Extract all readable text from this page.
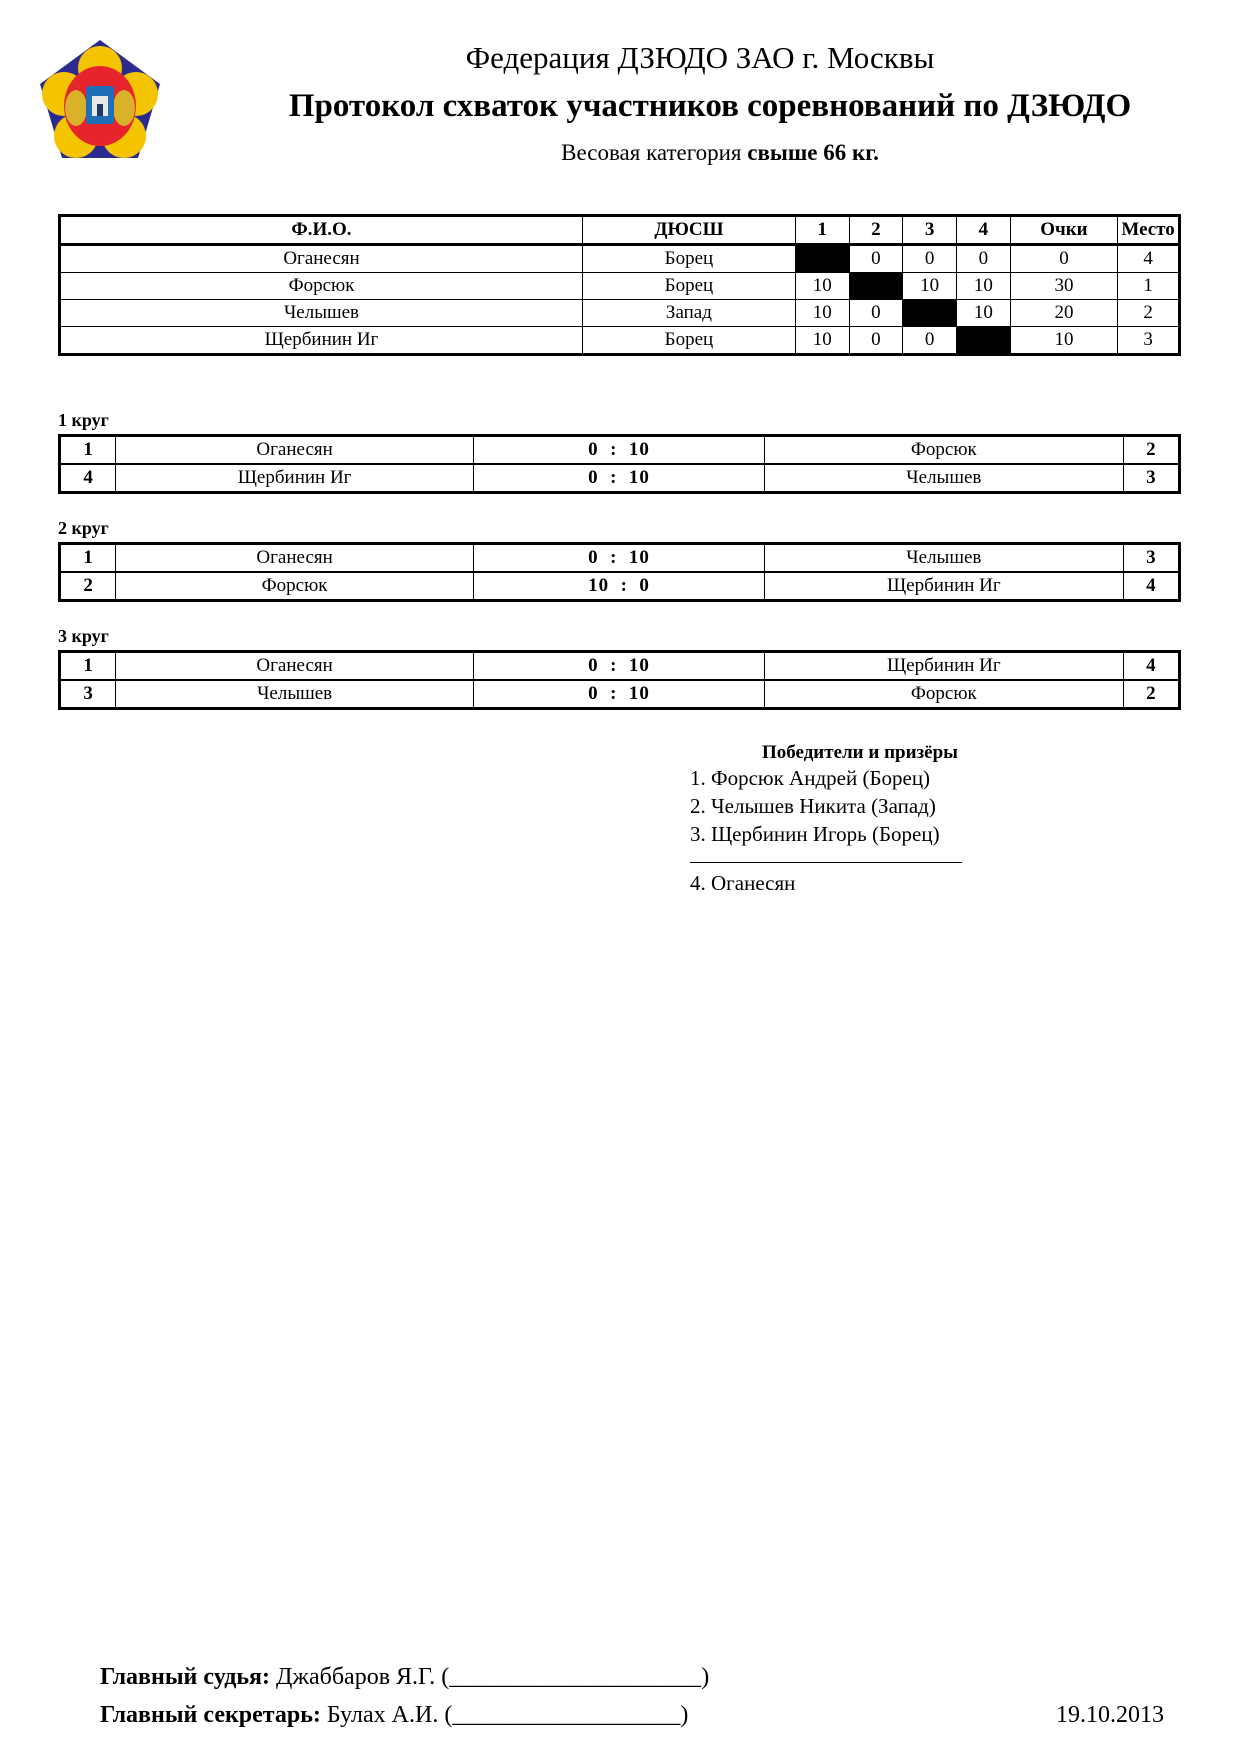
Федерация ДЗЮДО ЗАО г. Москвы
Протокол схваток участников соревнований по ДЗЮДО
Весовая категория свыше 66 кг.
Ф.И.О.	ДЮСШ	1	2	3	4	Очки	Место
Оганесян	Борец		0	0	0	0	4
Форсюк	Борец	10		10	10	30	1
Челышев	Запад	10	0		10	20	2
Щербинин Иг	Борец	10	0	0		10	3
1 круг
1	Оганесян	0  :  10	Форсюк	2
4	Щербинин Иг	0  :  10	Челышев	3
2 круг
1	Оганесян	0  :  10	Челышев	3
2	Форсюк	10  :  0	Щербинин Иг	4
3 круг
1	Оганесян	0  :  10	Щербинин Иг	4
3	Челышев	0  :  10	Форсюк	2
Победители и призёры
1. Форсюк Андрей (Борец)
2. Челышев Никита (Запад)
3. Щербинин Игорь (Борец)
4. Оганесян
Главный судья: Джаббаров Я.Г. (_____________________)
Главный секретарь: Булах А.И. (___________________)	19.10.2013
